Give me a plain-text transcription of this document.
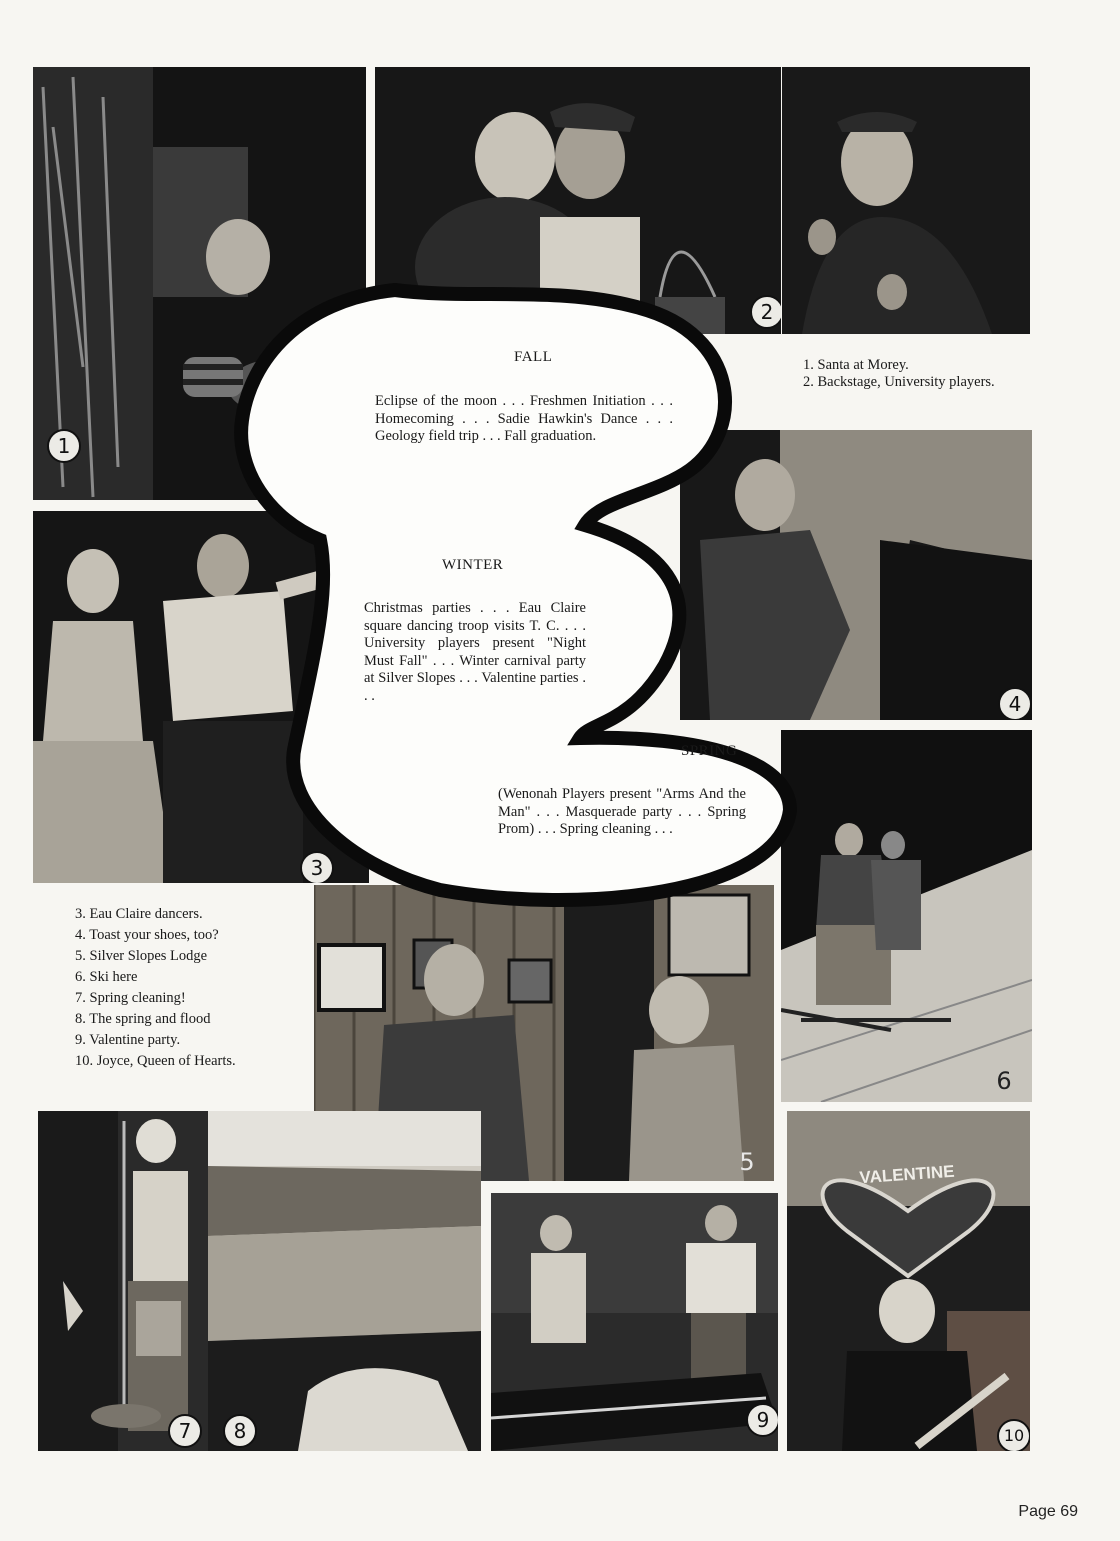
1
2
3
4
5
6
7	8	9
VALENTINE
10
FALL
Eclipse of the moon . . . Freshmen Initiation . . . Homecoming . . . Sadie Hawkin's Dance . . . Geology field trip . . . Fall graduation.
WINTER
Christmas parties . . . Eau Claire square dancing troop visits T. C. . . . University players present "Night Must Fall" . . . Winter carnival party at Silver Slopes . . . Valentine parties . . .
SPRING
(Wenonah Players present "Arms And the Man" . . . Masquerade party . . . Spring Prom) . . . Spring cleaning . . .
1. Santa at Morey.
2. Backstage, University players.
3. Eau Claire dancers.
4. Toast your shoes, too?
5. Silver Slopes Lodge
6. Ski here
7. Spring cleaning!
8. The spring and flood
9. Valentine party.
10. Joyce, Queen of Hearts.
Page 69
